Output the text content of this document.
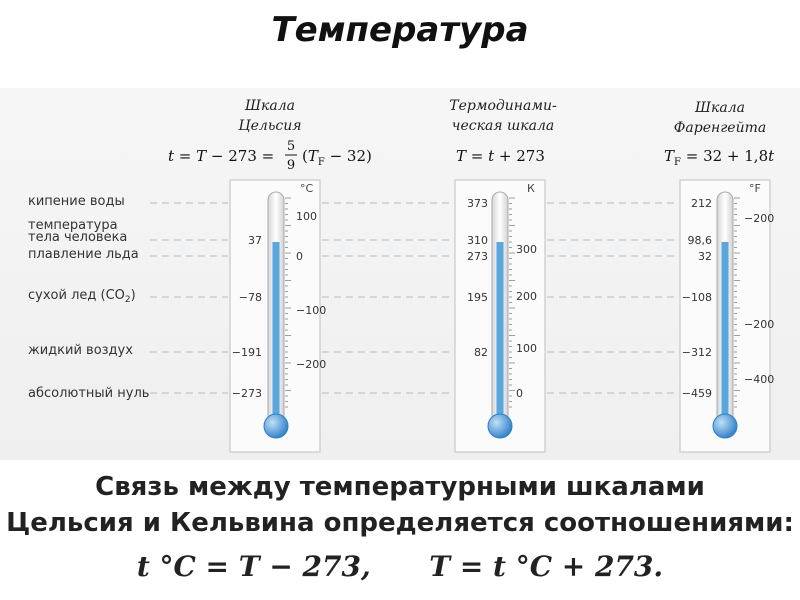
Температура
Шкала
Цельсия
Термодинами-
ческая шкала
Шкала
Фаренгейта
t = T − 273 =
5
9
$(T_F - 32)$	T = t + 273	$T_F = 32 + 1,8t$
°C
100
0
−100
−200
37
−78
−191
−273
К
300
200
100
0
373
310
273
195
82
°F
−200
−200
−400
212
98,6
32
−108
−312
−459
кипение воды
температура
тела человека
плавление льда
сухой лед $(CO_2)$
жидкий воздух
абсолютный нуль
Связь между температурными шкалами
Цельсия и Кельвина определяется соотношениями:
t °C = T − 273, T = t °C + 273.
